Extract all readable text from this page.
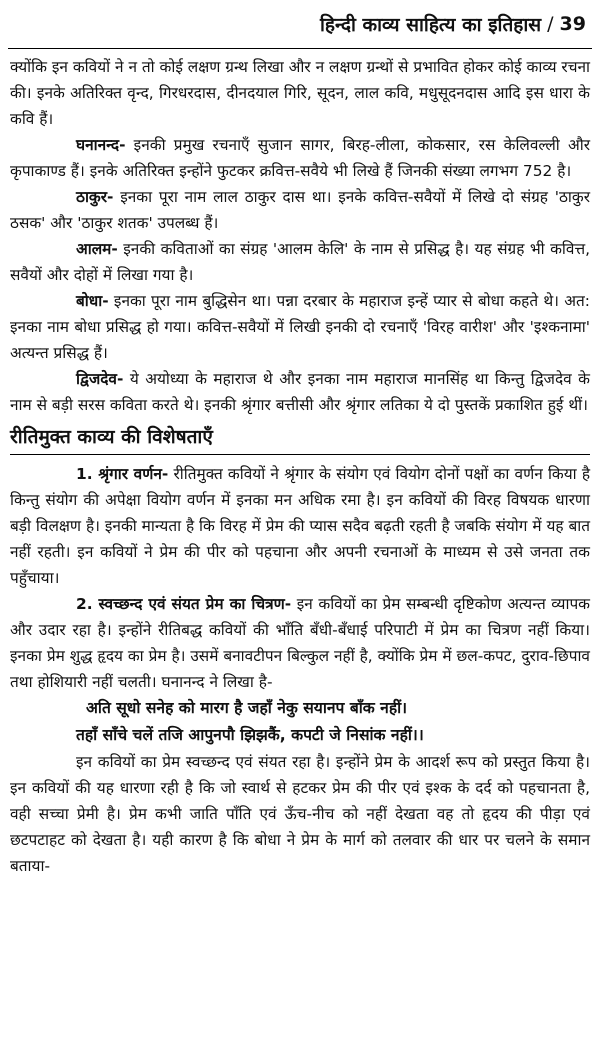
हिन्दी काव्य साहित्य का इतिहास / 39

क्योंकि इन कवियों ने न तो कोई लक्षण ग्रन्थ लिखा और न लक्षण ग्रन्थों से प्रभावित होकर कोई काव्य रचना की। इनके अतिरिक्त वृन्द, गिरधरदास, दीनदयाल गिरि, सूदन, लाल कवि, मधुसूदनदास आदि इस धारा के कवि हैं।

घनानन्द- इनकी प्रमुख रचनाएँ सुजान सागर, बिरह-लीला, कोकसार, रस केलिवल्ली और कृपाकाण्ड हैं। इनके अतिरिक्त इन्होंने फुटकर क्रवित्त-सवैये भी लिखे हैं जिनकी संख्या लगभग 752 है।

ठाकुर- इनका पूरा नाम लाल ठाकुर दास था। इनके कवित्त-सवैयों में लिखे दो संग्रह 'ठाकुर ठसक' और 'ठाकुर शतक' उपलब्ध हैं।

आलम- इनकी कविताओं का संग्रह 'आलम केलि' के नाम से प्रसिद्ध है। यह संग्रह भी कवित्त, सवैयों और दोहों में लिखा गया है।

बोधा- इनका पूरा नाम बुद्धिसेन था। पन्ना दरबार के महाराज इन्हें प्यार से बोधा कहते थे। अत: इनका नाम बोधा प्रसिद्ध हो गया। कवित्त-सवैयों में लिखी इनकी दो रचनाएँ 'विरह वारीश' और 'इश्कनामा' अत्यन्त प्रसिद्ध हैं।

द्विजदेव- ये अयोध्या के महाराज थे और इनका नाम महाराज मानसिंह था किन्तु द्विजदेव के नाम से बड़ी सरस कविता करते थे। इनकी श्रृंगार बत्तीसी और श्रृंगार लतिका ये दो पुस्तकें प्रकाशित हुई थीं।

रीतिमुक्त काव्य की विशेषताएँ

1. श्रृंगार वर्णन- रीतिमुक्त कवियों ने श्रृंगार के संयोग एवं वियोग दोनों पक्षों का वर्णन किया है किन्तु संयोग की अपेक्षा वियोग वर्णन में इनका मन अधिक रमा है। इन कवियों की विरह विषयक धारणा बड़ी विलक्षण है। इनकी मान्यता है कि विरह में प्रेम की प्यास सदैव बढ़ती रहती है जबकि संयोग में यह बात नहीं रहती। इन कवियों ने प्रेम की पीर को पहचाना और अपनी रचनाओं के माध्यम से उसे जनता तक पहुँचाया।

2. स्वच्छन्द एवं संयत प्रेम का चित्रण- इन कवियों का प्रेम सम्बन्धी दृष्टिकोण अत्यन्त व्यापक और उदार रहा है। इन्होंने रीतिबद्ध कवियों की भाँति बँधी-बँधाई परिपाटी में प्रेम का चित्रण नहीं किया। इनका प्रेम शुद्ध हृदय का प्रेम है। उसमें बनावटीपन बिल्कुल नहीं है, क्योंकि प्रेम में छल-कपट, दुराव-छिपाव तथा होशियारी नहीं चलती। घनानन्द ने लिखा है-

अति सूधो सनेह को मारग है जहाँ नेकु सयानप बाँक नहीं।
तहाँ साँचे चलें तजि आपुनपौ झिझकैं, कपटी जे निसांक नहीं।।

इन कवियों का प्रेम स्वच्छन्द एवं संयत रहा है। इन्होंने प्रेम के आदर्श रूप को प्रस्तुत किया है। इन कवियों की यह धारणा रही है कि जो स्वार्थ से हटकर प्रेम की पीर एवं इश्क के दर्द को पहचानता है, वही सच्चा प्रेमी है। प्रेम कभी जाति पाँति एवं ऊँच-नीच को नहीं देखता वह तो हृदय की पीड़ा एवं छटपटाहट को देखता है। यही कारण है कि बोधा ने प्रेम के मार्ग को तलवार की धार पर चलने के समान बताया-
